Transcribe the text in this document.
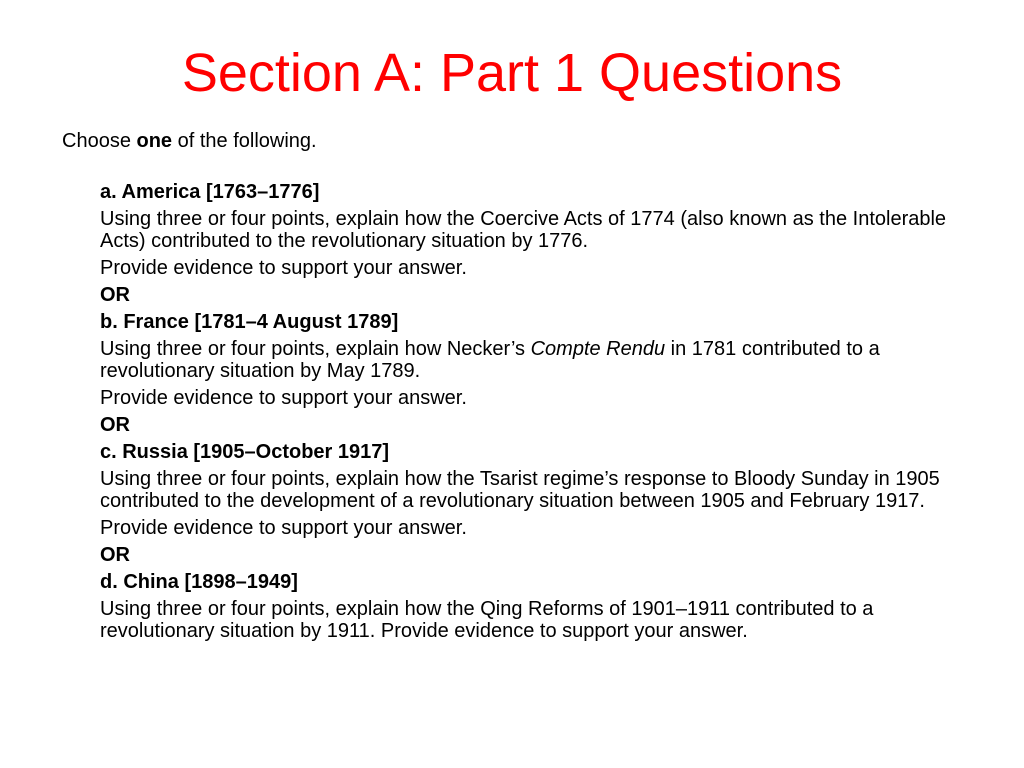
Section A: Part 1 Questions

Choose one of the following.

a. America [1763–1776]

Using three or four points, explain how the Coercive Acts of 1774 (also known as the Intolerable Acts) contributed to the revolutionary situation by 1776.

Provide evidence to support your answer.

OR

b. France [1781–4 August 1789]

Using three or four points, explain how Necker’s Compte Rendu in 1781 contributed to a revolutionary situation by May 1789.

Provide evidence to support your answer.

OR

c. Russia [1905–October 1917]

Using three or four points, explain how the Tsarist regime’s response to Bloody Sunday in 1905 contributed to the development of a revolutionary situation between 1905 and February 1917.

Provide evidence to support your answer.

OR

d. China [1898–1949]

Using three or four points, explain how the Qing Reforms of 1901–1911 contributed to a revolutionary situation by 1911. Provide evidence to support your answer.
